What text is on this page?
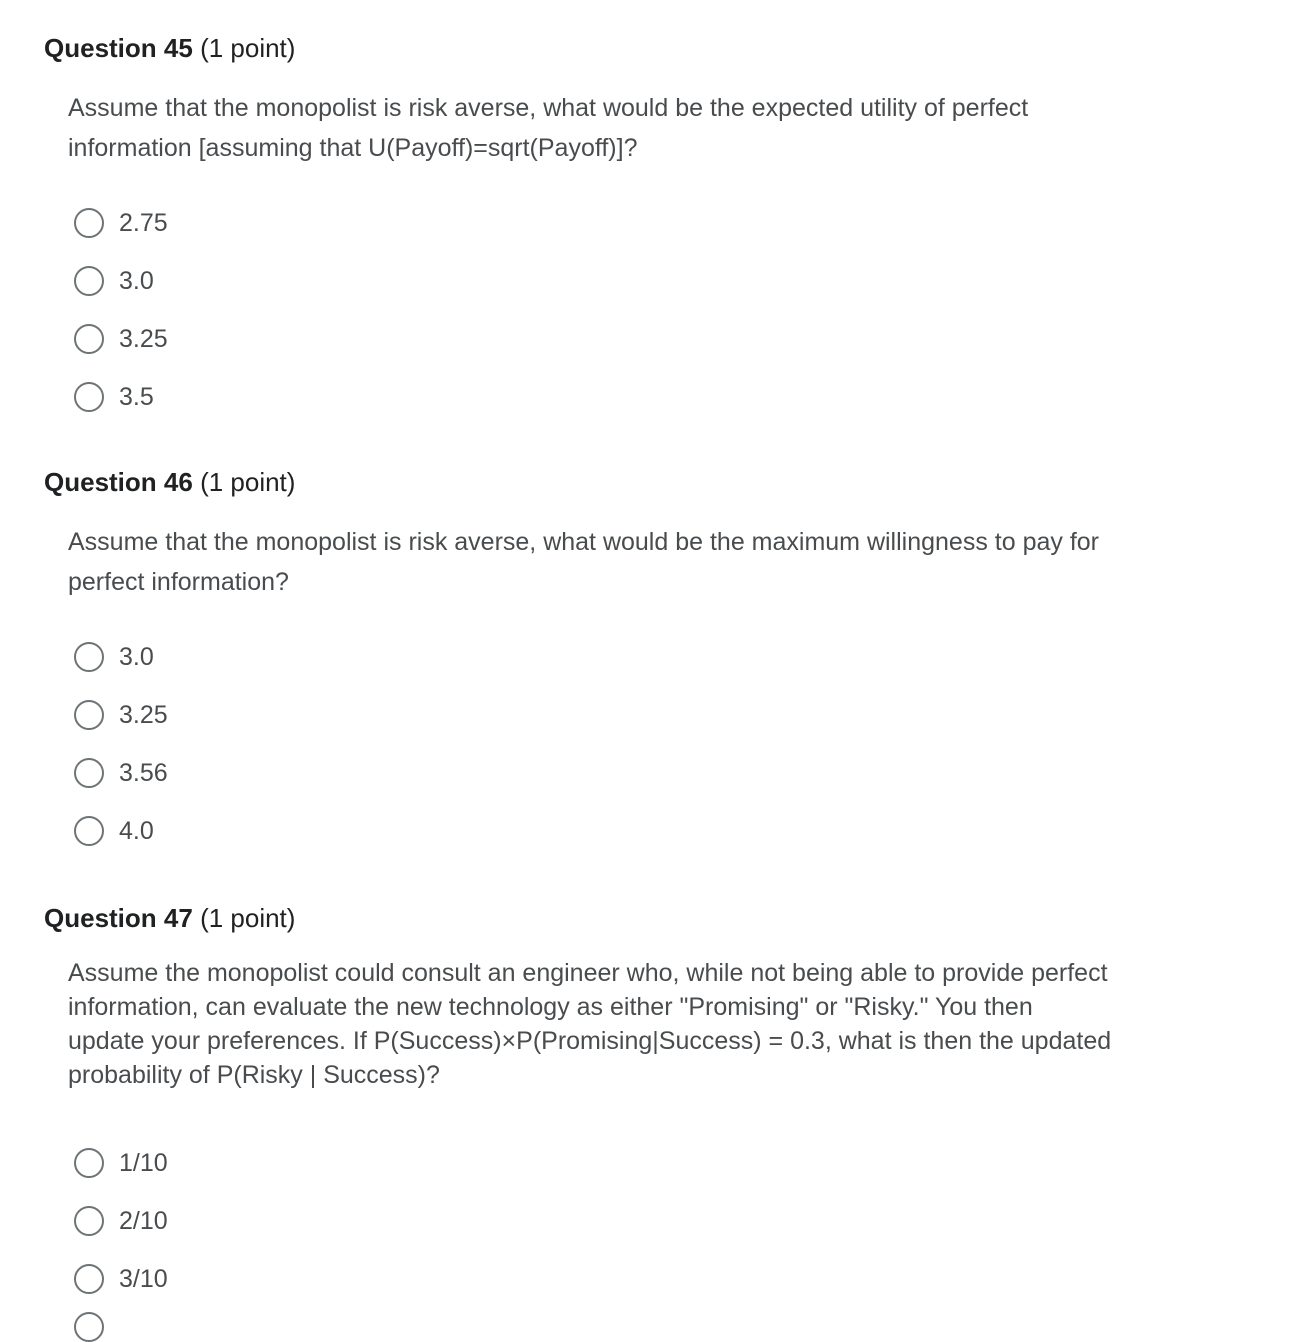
Question 45 (1 point)

Assume that the monopolist is risk averse, what would be the expected utility of perfect
information [assuming that U(Payoff)=sqrt(Payoff)]?

2.75
3.0
3.25
3.5

Question 46 (1 point)

Assume that the monopolist is risk averse, what would be the maximum willingness to pay for
perfect information?

3.0
3.25
3.56
4.0

Question 47 (1 point)

Assume the monopolist could consult an engineer who, while not being able to provide perfect
information, can evaluate the new technology as either "Promising" or "Risky." You then
update your preferences. If P(Success)×P(Promising|Success) = 0.3, what is then the updated
probability of P(Risky | Success)?

1/10
2/10
3/10
